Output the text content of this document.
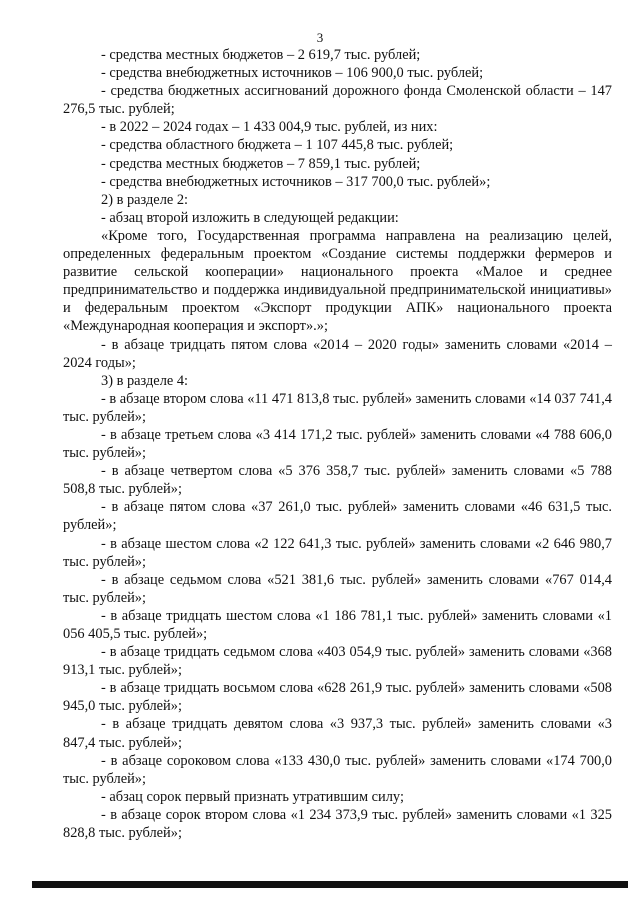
3

- средства местных бюджетов – 2 619,7 тыс. рублей;

- средства внебюджетных источников – 106 900,0 тыс. рублей;

- средства бюджетных ассигнований дорожного фонда Смоленской области – 147 276,5 тыс. рублей;

- в 2022 – 2024 годах – 1 433 004,9 тыс. рублей, из них:

- средства областного бюджета – 1 107 445,8 тыс. рублей;

- средства местных бюджетов – 7 859,1 тыс. рублей;

- средства внебюджетных источников – 317 700,0 тыс. рублей»;

2) в разделе 2:

- абзац второй изложить в следующей редакции:

«Кроме того, Государственная программа направлена на реализацию целей, определенных федеральным проектом «Создание системы поддержки фермеров и развитие сельской кооперации» национального проекта «Малое и среднее предпринимательство и поддержка индивидуальной предпринимательской инициативы» и федеральным проектом «Экспорт продукции АПК» национального проекта «Международная кооперация и экспорт».»;

- в абзаце тридцать пятом слова «2014 – 2020 годы» заменить словами «2014 – 2024 годы»;

3) в разделе 4:

- в абзаце втором слова «11 471 813,8 тыс. рублей» заменить словами «14 037 741,4 тыс. рублей»;

- в абзаце третьем слова «3 414 171,2 тыс. рублей» заменить словами «4 788 606,0 тыс. рублей»;

- в абзаце четвертом слова «5 376 358,7 тыс. рублей» заменить словами «5 788 508,8 тыс. рублей»;

- в абзаце пятом слова «37 261,0 тыс. рублей» заменить словами «46 631,5 тыс. рублей»;

- в абзаце шестом слова «2 122 641,3 тыс. рублей» заменить словами «2 646 980,7 тыс. рублей»;

- в абзаце седьмом слова «521 381,6 тыс. рублей» заменить словами «767 014,4 тыс. рублей»;

- в абзаце тридцать шестом слова «1 186 781,1 тыс. рублей» заменить словами «1 056 405,5 тыс. рублей»;

- в абзаце тридцать седьмом слова «403 054,9 тыс. рублей» заменить словами «368 913,1 тыс. рублей»;

- в абзаце тридцать восьмом слова «628 261,9 тыс. рублей» заменить словами «508 945,0 тыс. рублей»;

- в абзаце тридцать девятом слова «3 937,3 тыс. рублей» заменить словами «3 847,4 тыс. рублей»;

- в абзаце сороковом слова «133 430,0 тыс. рублей» заменить словами «174 700,0 тыс. рублей»;

- абзац сорок первый признать утратившим силу;

- в абзаце сорок втором слова «1 234 373,9 тыс. рублей» заменить словами «1 325 828,8 тыс. рублей»;
